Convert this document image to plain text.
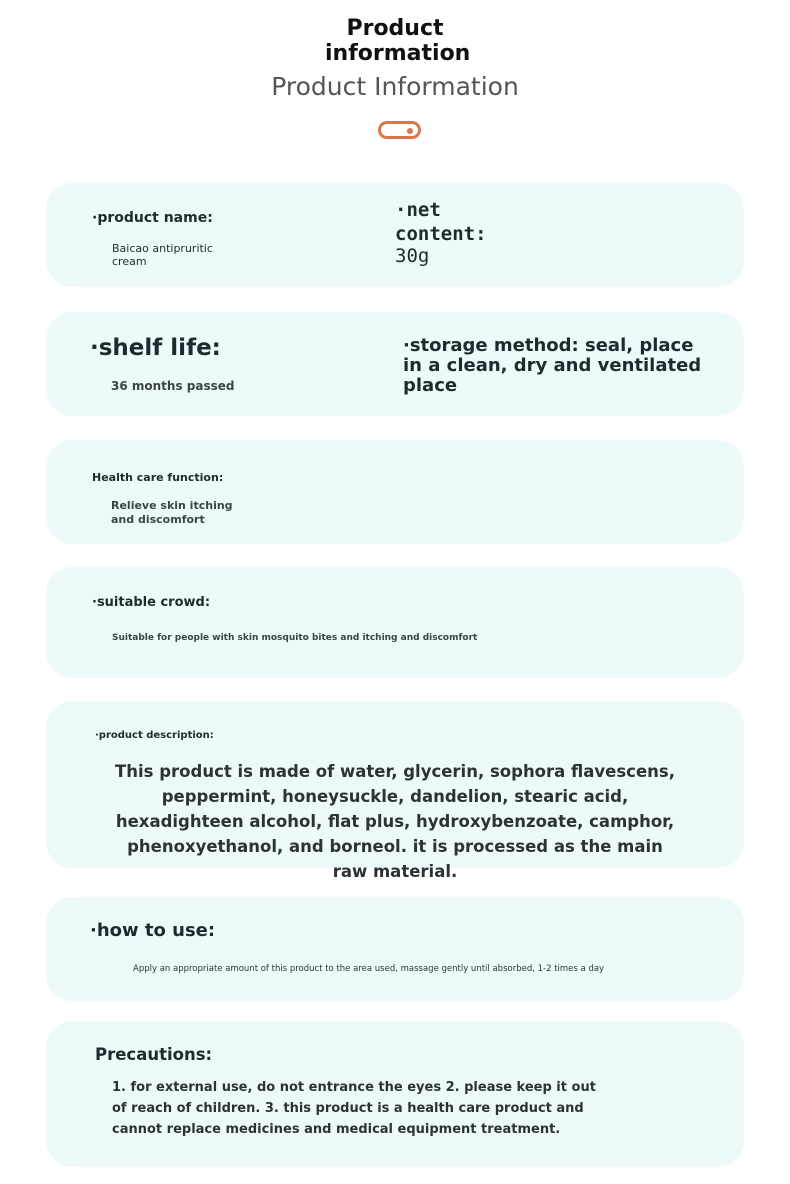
Product information
Product Information

·product name:

Baicao antipruritic cream

·net content:

30g

·shelf life:

36 months passed

·storage method: seal, place in a clean, dry and ventilated place

Health care function:

Relieve skin itching and discomfort

·suitable crowd:

Suitable for people with skin mosquito bites and itching and discomfort

·product description:

This product is made of water, glycerin, sophora flavescens, peppermint, honeysuckle, dandelion, stearic acid, hexadighteen alcohol, flat plus, hydroxybenzoate, camphor, phenoxyethanol, and borneol. it is processed as the main raw material.

·how to use:

Apply an appropriate amount of this product to the area used, massage gently until absorbed, 1-2 times a day

Precautions:

1. for external use, do not entrance the eyes 2. please keep it out of reach of children. 3. this product is a health care product and cannot replace medicines and medical equipment treatment.
